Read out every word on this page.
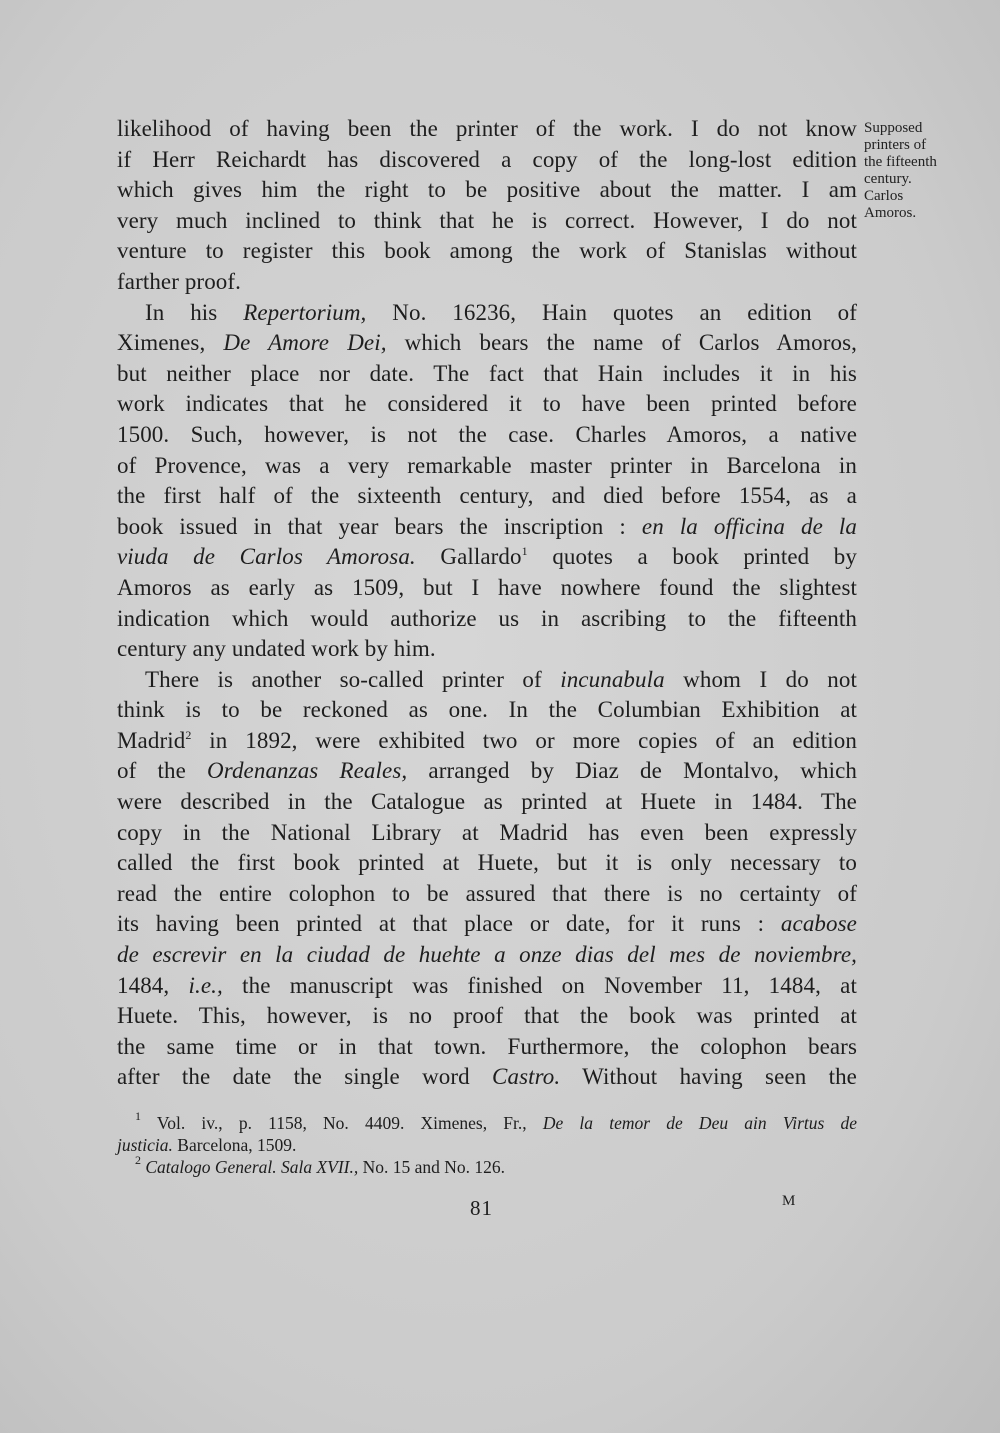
Supposed
printers of
the fifteenth
century.
Carlos
Amoros.
likelihood of having been the printer of the work. I do not know
if Herr Reichardt has discovered a copy of the long-lost edition
which gives him the right to be positive about the matter. I am
very much inclined to think that he is correct. However, I do not
venture to register this book among the work of Stanislas without
farther proof.
In his Repertorium, No. 16236, Hain quotes an edition of
Ximenes, De Amore Dei, which bears the name of Carlos Amoros,
but neither place nor date. The fact that Hain includes it in his
work indicates that he considered it to have been printed before
1500. Such, however, is not the case. Charles Amoros, a native
of Provence, was a very remarkable master printer in Barcelona in
the first half of the sixteenth century, and died before 1554, as a
book issued in that year bears the inscription : en la officina de la
viuda de Carlos Amorosa. Gallardo$^1$ quotes a book printed by
Amoros as early as 1509, but I have nowhere found the slightest
indication which would authorize us in ascribing to the fifteenth
century any undated work by him.
There is another so-called printer of incunabula whom I do not
think is to be reckoned as one. In the Columbian Exhibition at
Madrid$^2$ in 1892, were exhibited two or more copies of an edition
of the Ordenanzas Reales, arranged by Diaz de Montalvo, which
were described in the Catalogue as printed at Huete in 1484. The
copy in the National Library at Madrid has even been expressly
called the first book printed at Huete, but it is only necessary to
read the entire colophon to be assured that there is no certainty of
its having been printed at that place or date, for it runs : acabose
de escrevir en la ciudad de huehte a onze dias del mes de noviembre,
1484, i.e., the manuscript was finished on November 11, 1484, at
Huete. This, however, is no proof that the book was printed at
the same time or in that town. Furthermore, the colophon bears
after the date the single word Castro. Without having seen the
$^1$ Vol. iv., p. 1158, No. 4409. Ximenes, Fr., De la temor de Deu ain Virtus de
justicia. Barcelona, 1509.
$^2$ Catalogo General. Sala XVII., No. 15 and No. 126.
81	M
